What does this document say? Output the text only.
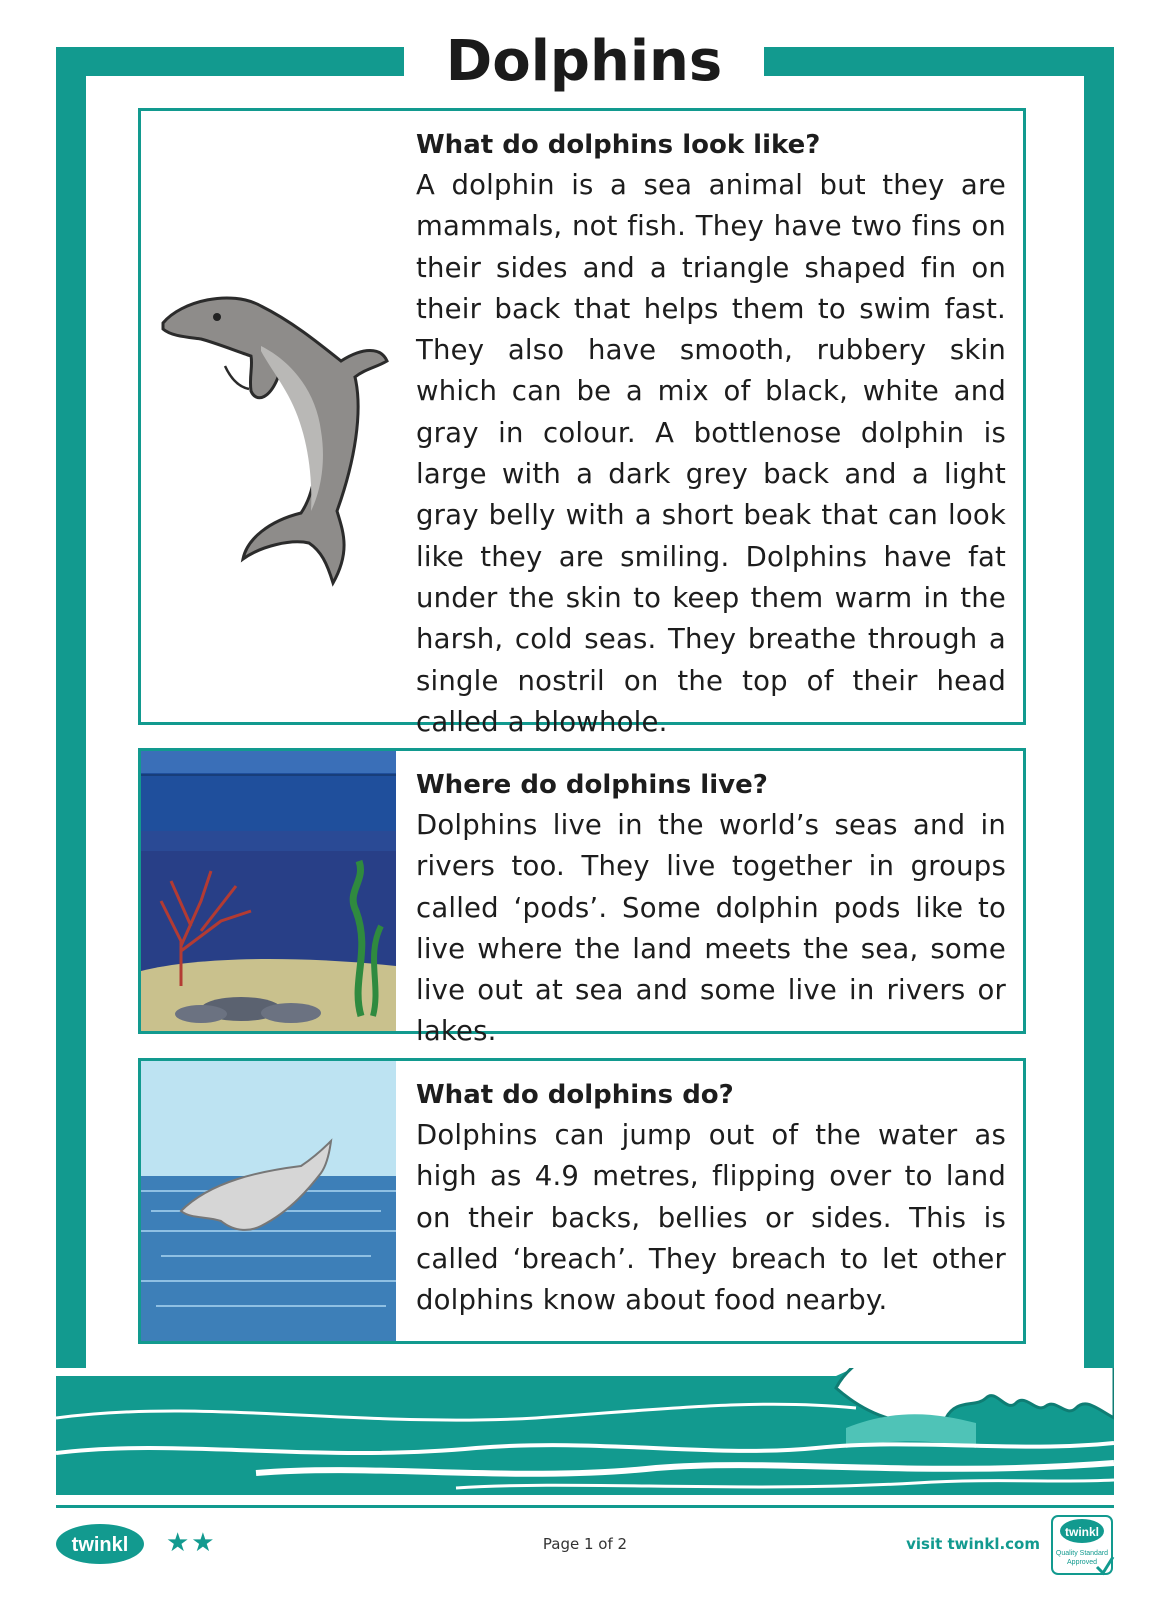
Dolphins
What do dolphins look like?

A dolphin is a sea animal but they are mammals, not fish. They have two fins on their sides and a triangle shaped fin on their back that helps them to swim fast. They also have smooth, rubbery skin which can be a mix of black, white and gray in colour. A bottlenose dolphin is large with a dark grey back and a light gray belly with a short beak that can look like they are smiling. Dolphins have fat under the skin to keep them warm in the harsh, cold seas. They breathe through a single nostril on the top of their head called a blowhole.

Where do dolphins live?

Dolphins live in the world’s seas and in rivers too. They live together in groups called ‘pods’. Some dolphin pods like to live where the land meets the sea, some live out at sea and some live in rivers or lakes.

What do dolphins do?

Dolphins can jump out of the water as high as 4.9 metres, flipping over to land on their backs, bellies or sides. This is called ‘breach’. They breach to let other dolphins know about food nearby.

twinkl ★★	Page 1 of 2	visit twinkl.com

twinkl
Quality Standard
Approved
